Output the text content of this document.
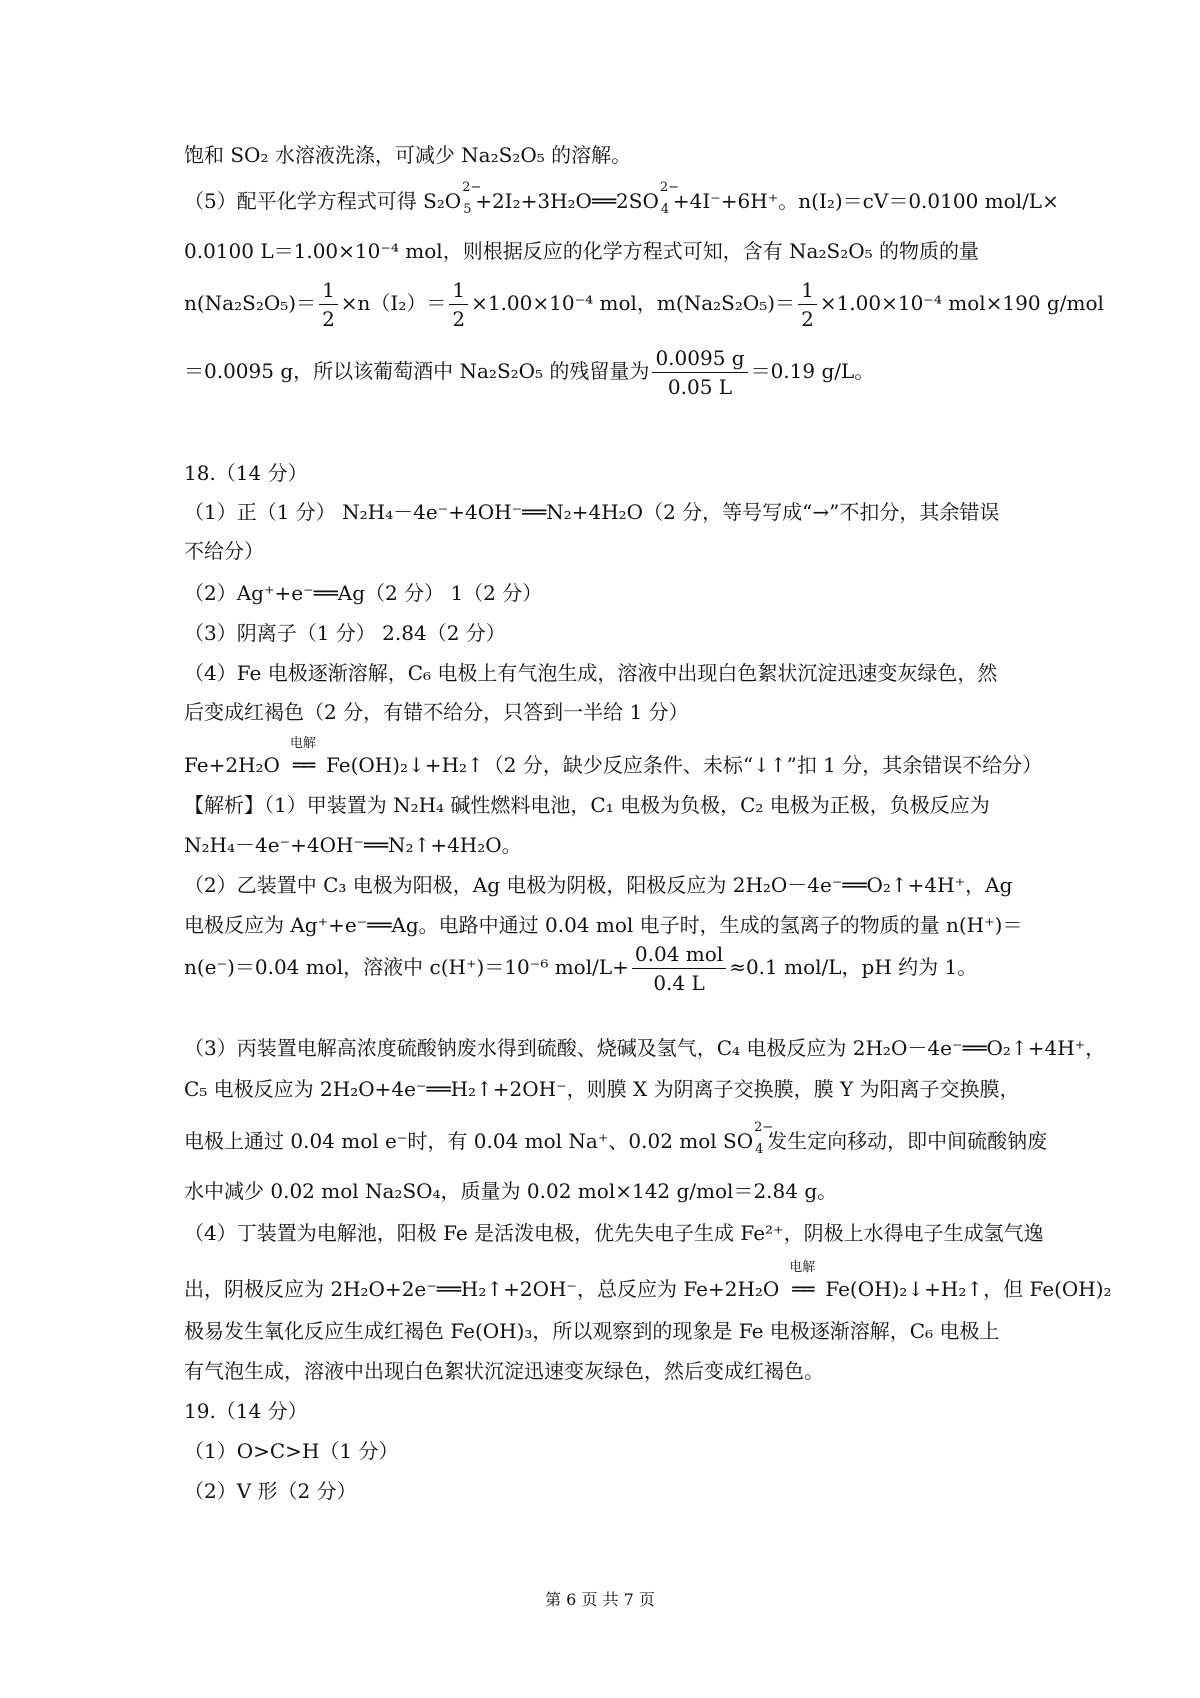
饱和 SO₂ 水溶液洗涤，可减少 Na₂S₂O₅ 的溶解。
（5）配平化学方程式可得 S₂O
2−
5 +2I₂+3H₂O══2SO
2−
4 +4I⁻+6H⁺。n(I₂)＝cV＝0.0100 mol/L×
0.0100 L＝1.00×10⁻⁴ mol，则根据反应的化学方程式可知，含有 Na₂S₂O₅ 的物质的量
$n(Na_2S_2O_5)= \frac{1}{2} \times n(I_2)= \frac{1}{2} \times 1.00\times 10^{-4}$ mol，$m(Na_2S_2O_5)= \frac{1}{2} \times 1.00\times 10^{-4}$ mol×190 g/mol
＝0.0095 g，所以该葡萄酒中 Na₂S₂O₅ 的残留量为 $\frac{0.0095 g}{0.05 L} =0.19$ g/L。
18.（14 分）
（1）正（1 分） N₂H₄－4e⁻+4OH⁻══N₂+4H₂O（2 分，等号写成“→”不扣分，其余错误
不给分）
（2）Ag⁺+e⁻══Ag（2 分） 1（2 分）
（3）阴离子（1 分） 2.84（2 分）
（4）Fe 电极逐渐溶解，C₆ 电极上有气泡生成，溶液中出现白色絮状沉淀迅速变灰绿色，然
后变成红褐色（2 分，有错不给分，只答到一半给 1 分）
Fe+2H₂O
电解
══ Fe(OH)₂↓+H₂↑（2 分，缺少反应条件、未标“↓↑”扣 1 分，其余错误不给分）
【解析】（1）甲装置为 N₂H₄ 碱性燃料电池，C₁ 电极为负极，C₂ 电极为正极，负极反应为
N₂H₄－4e⁻+4OH⁻══N₂↑+4H₂O。
（2）乙装置中 C₃ 电极为阳极，Ag 电极为阴极，阳极反应为 2H₂O－4e⁻══O₂↑+4H⁺，Ag
电极反应为 Ag⁺+e⁻══Ag。电路中通过 0.04 mol 电子时，生成的氢离子的物质的量 n(H⁺)＝
n(e⁻)＝0.04 mol，溶液中 c(H⁺)＝10⁻⁶ $mol/L+ \frac{\text{0.04 mol}}{0.4 L} \approx 0.1$ mol/L，pH 约为 1。
（3）丙装置电解高浓度硫酸钠废水得到硫酸、烧碱及氢气，C₄ 电极反应为 2H₂O－4e⁻══O₂↑+4H⁺，
C₅ 电极反应为 2H₂O+4e⁻══H₂↑+2OH⁻，则膜 X 为阴离子交换膜，膜 Y 为阳离子交换膜，
电极上通过 0.04 mol e⁻时，有 0.04 mol Na⁺、0.02 mol SO
2−
4 发生定向移动，即中间硫酸钠废
水中减少 0.02 mol Na₂SO₄，质量为 0.02 mol×142 g/mol＝2.84 g。
（4）丁装置为电解池，阳极 Fe 是活泼电极，优先失电子生成 Fe²⁺，阴极上水得电子生成氢气逸
出，阴极反应为 2H₂O+2e⁻══H₂↑+2OH⁻，总反应为 Fe+2H₂O
电解
══ Fe(OH)₂↓+H₂↑，但 Fe(OH)₂
极易发生氧化反应生成红褐色 Fe(OH)₃，所以观察到的现象是 Fe 电极逐渐溶解，C₆ 电极上
有气泡生成，溶液中出现白色絮状沉淀迅速变灰绿色，然后变成红褐色。
19.（14 分）
（1）O>C>H（1 分）
（2）V 形（2 分）
第 6 页 共 7 页
